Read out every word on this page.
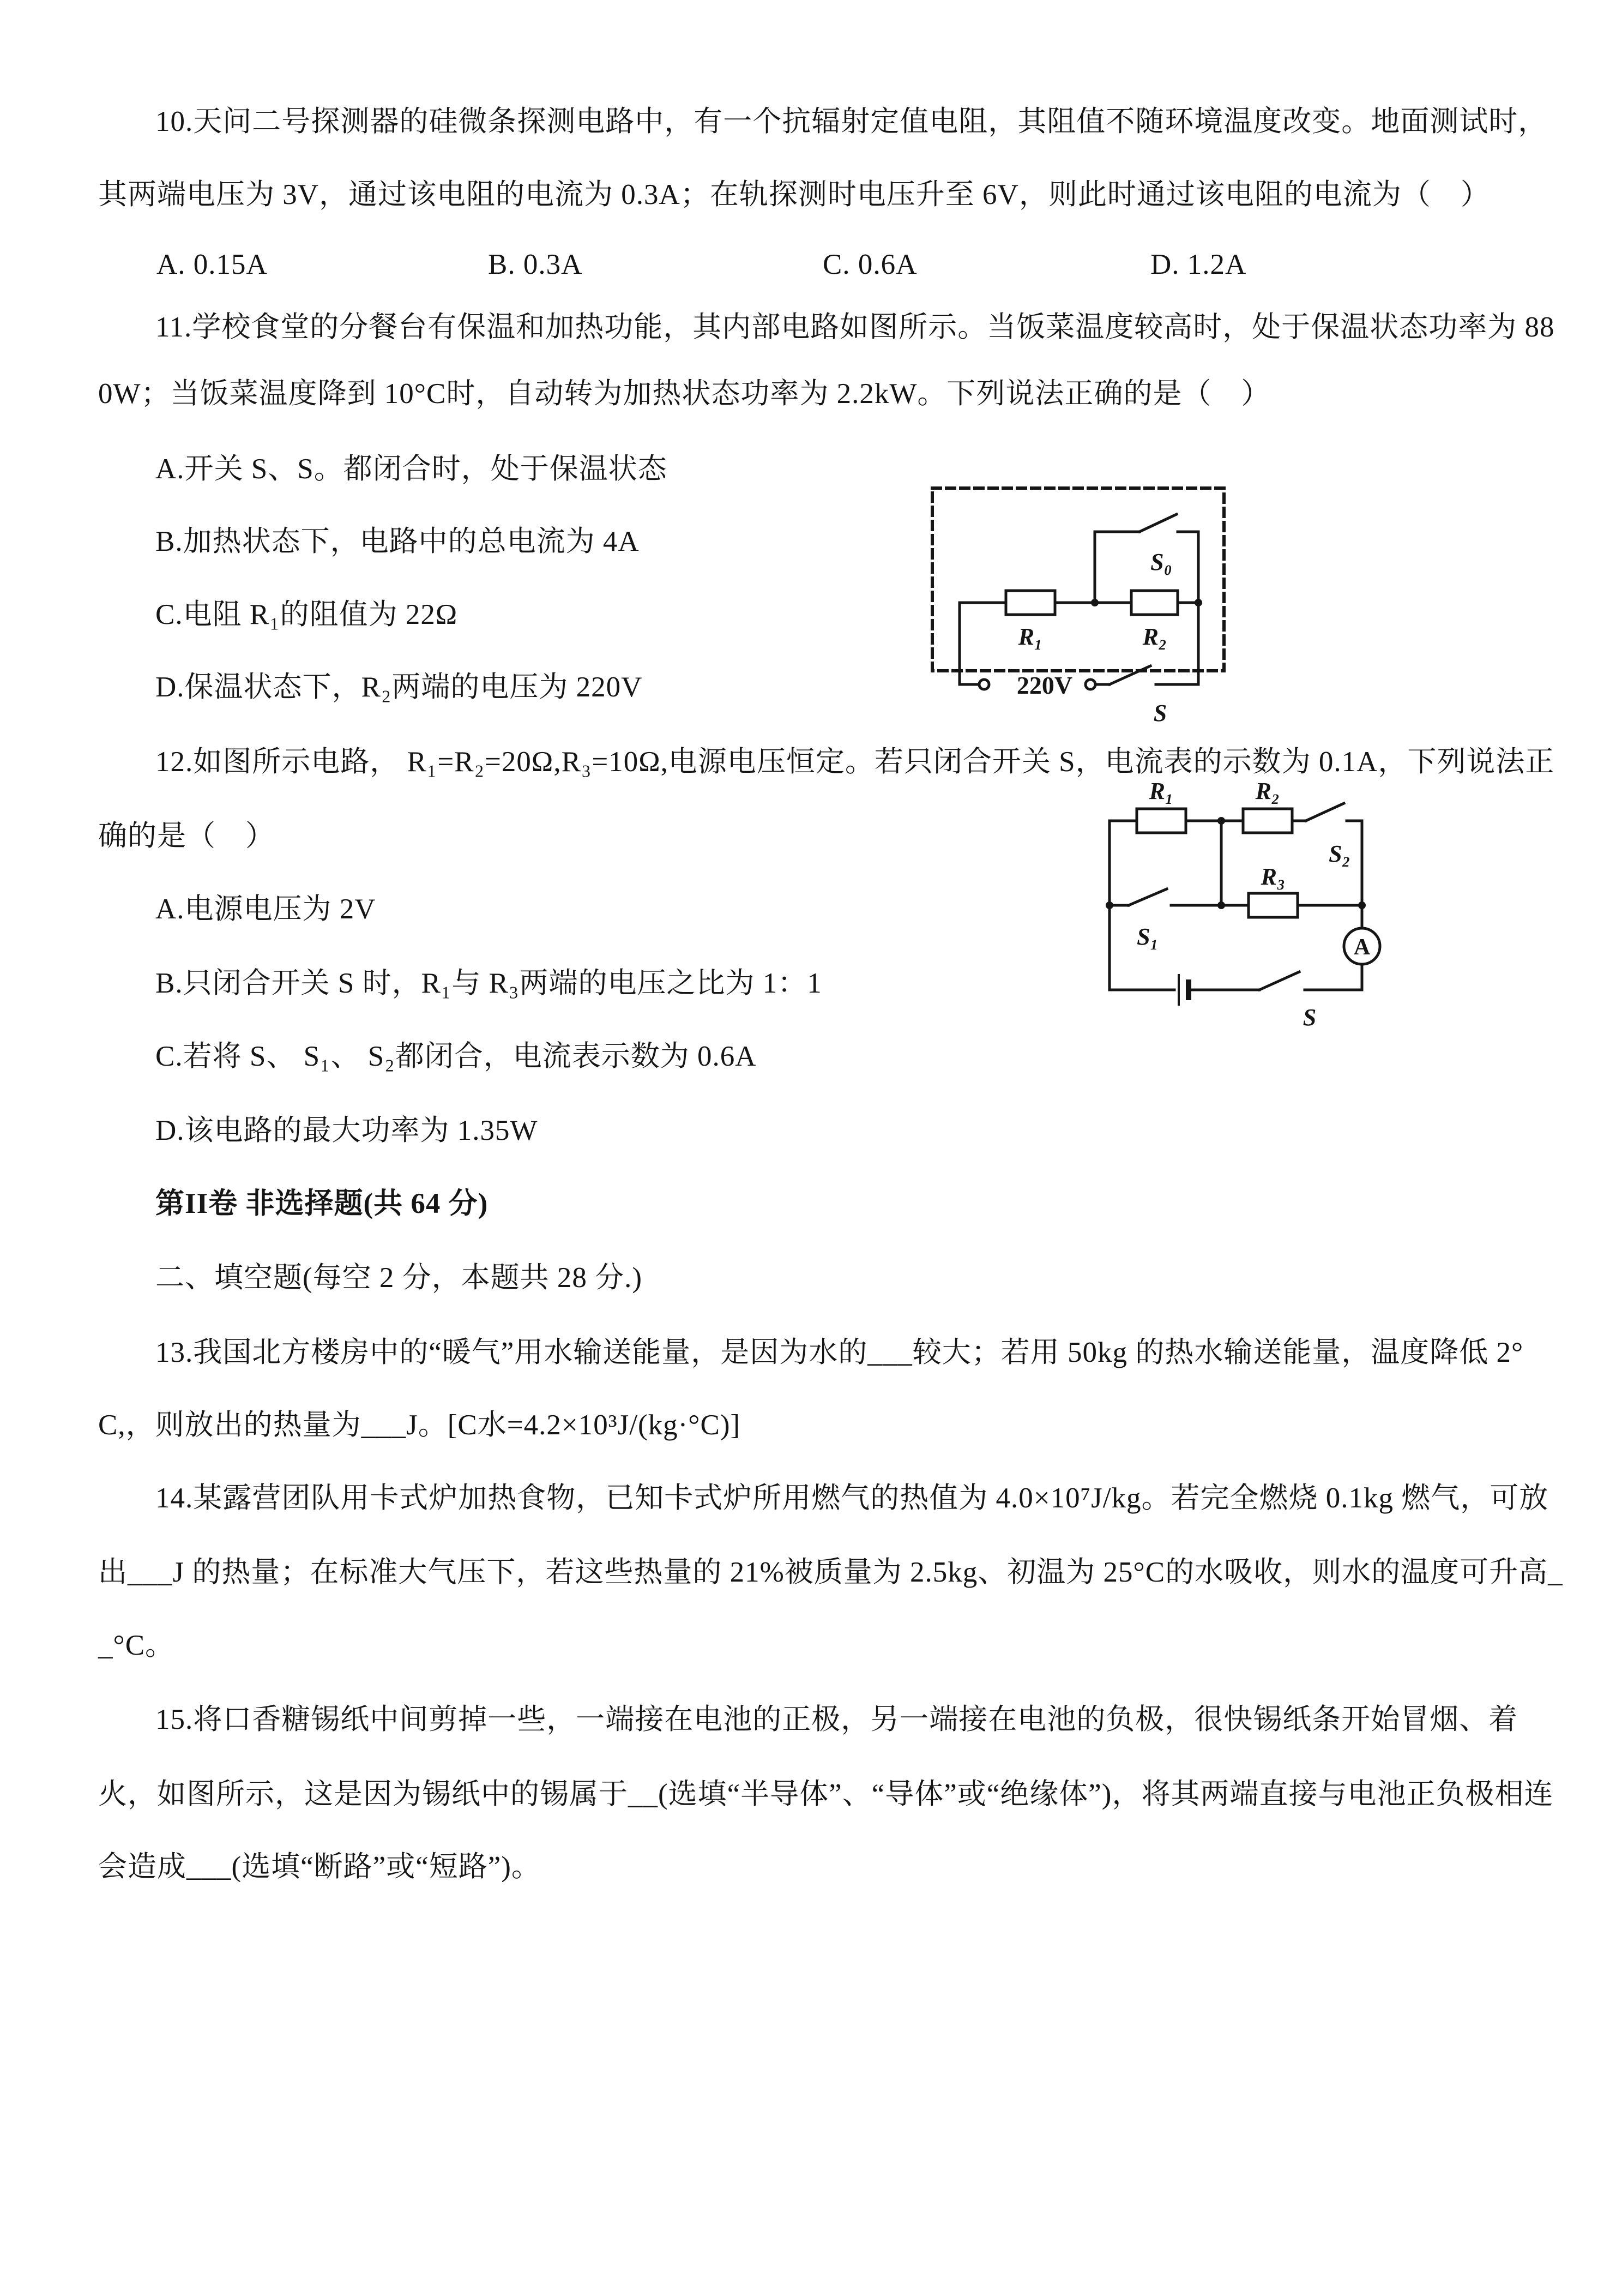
10.天问二号探测器的硅微条探测电路中，有一个抗辐射定值电阻，其阻值不随环境温度改变。地面测试时，
其两端电压为 3V，通过该电阻的电流为 0.3A；在轨探测时电压升至 6V，则此时通过该电阻的电流为（　）
A. 0.15A	B. 0.3A	C. 0.6A	D. 1.2A
11.学校食堂的分餐台有保温和加热功能，其内部电路如图所示。当饭菜温度较高时，处于保温状态功率为 88
0W；当饭菜温度降到 10°C时，自动转为加热状态功率为 2.2kW。下列说法正确的是（　）
A.开关 S、S。都闭合时，处于保温状态
B.加热状态下，电路中的总电流为 4A
C.电阻 R₁的阻值为 22Ω
D.保温状态下，R₂两端的电压为 220V
12.如图所示电路， R₁=R₂=20Ω,R₃=10Ω,电源电压恒定。若只闭合开关 S，电流表的示数为 0.1A，下列说法正
确的是（　）
A.电源电压为 2V
B.只闭合开关 S 时，R₁与 R₃两端的电压之比为 1：1
C.若将 S、 S₁、 S₂都闭合，电流表示数为 0.6A
D.该电路的最大功率为 1.35W
第II卷 非选择题(共 64 分)
二、填空题(每空 2 分，本题共 28 分.)
13.我国北方楼房中的“暖气”用水输送能量，是因为水的___较大；若用 50kg 的热水输送能量，温度降低 2°
C,，则放出的热量为___J。[C水=4.2×10³J/(kg·°C)]
14.某露营团队用卡式炉加热食物，已知卡式炉所用燃气的热值为 4.0×10⁷J/kg。若完全燃烧 0.1kg 燃气，可放
出___J 的热量；在标准大气压下，若这些热量的 21%被质量为 2.5kg、初温为 25°C的水吸收，则水的温度可升高_
_°C。
15.将口香糖锡纸中间剪掉一些，一端接在电池的正极，另一端接在电池的负极，很快锡纸条开始冒烟、着
火，如图所示，这是因为锡纸中的锡属于__(选填“半导体”、“导体”或“绝缘体”)，将其两端直接与电池正负极相连
会造成___(选填“断路”或“短路”)。
R₁	R₂
S₀
220V
S
R₁	R₂
S₂
R₃
S₁	A
S
